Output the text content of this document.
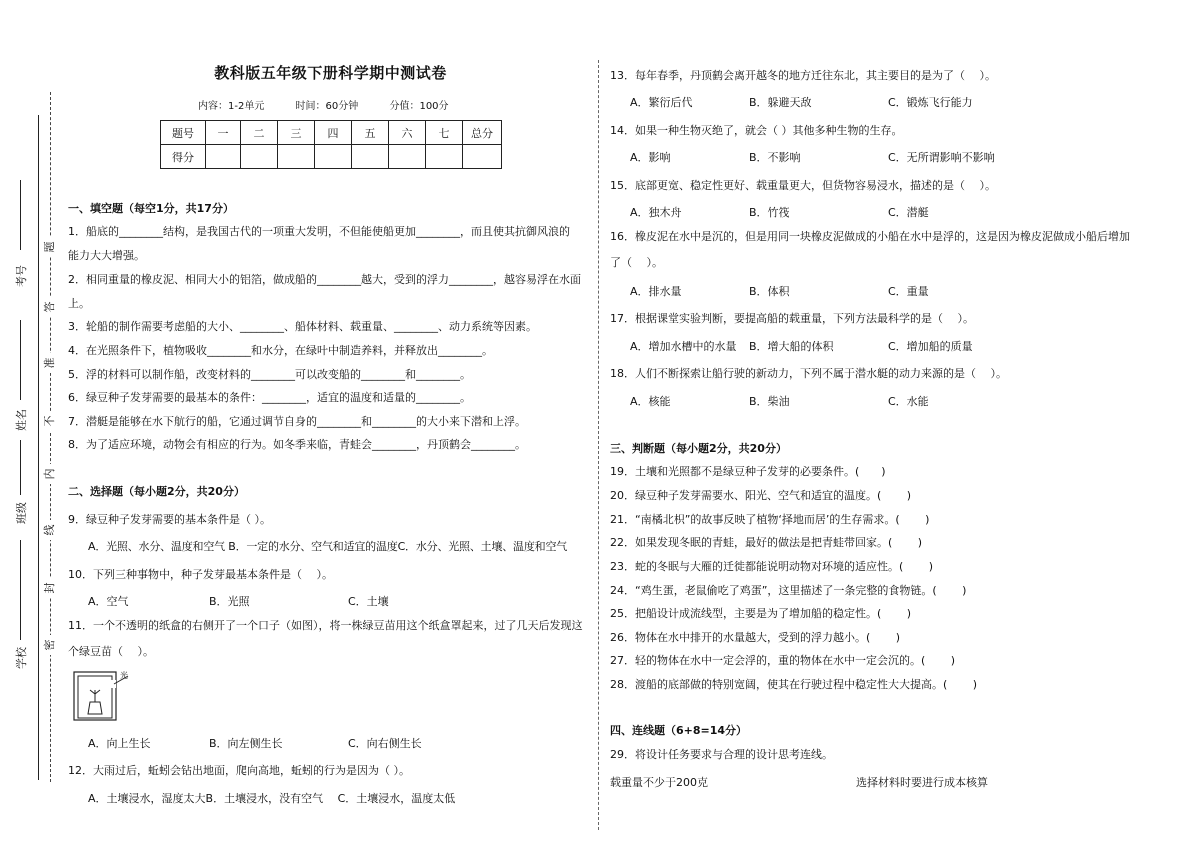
考号
姓名
班级
学校
题
答
准
不
内
线
封
密
教科版五年级下册科学期中测试卷
内容：1-2单元	时间：60分钟	分值：100分
题号	一	二	三	四	五	六	七	总分
得分								
一、填空题（每空1分，共17分）
1．船底的________结构，是我国古代的一项重大发明，不但能使船更加________，而且使其抗御风浪的
能力大大增强。
2．相同重量的橡皮泥、相同大小的铝箔，做成船的________越大，受到的浮力________，越容易浮在水面
上。
3．轮船的制作需要考虑船的大小、________、船体材料、载重量、________、动力系统等因素。
4．在光照条件下，植物吸收________和水分，在绿叶中制造养料，并释放出________。
5．浮的材料可以制作船，改变材料的________可以改变船的________和________。
6．绿豆种子发芽需要的最基本的条件：________，适宜的温度和适量的________。
7．潜艇是能够在水下航行的船，它通过调节自身的________和________的大小来下潜和上浮。
8．为了适应环境，动物会有相应的行为。如冬季来临，青蛙会________，丹顶鹤会________。
二、选择题（每小题2分，共20分）
9．绿豆种子发芽需要的基本条件是（ ）。
A．光照、水分、温度和空气 B．一定的水分、空气和适宜的温度C．水分、光照、土壤、温度和空气
10．下列三种事物中，种子发芽最基本条件是（　 ）。
A．空气	B．光照	C．土壤
11．一个不透明的纸盒的右侧开了一个口子（如图），将一株绿豆苗用这个纸盒罩起来，过了几天后发现这
个绿豆苗（　 ）。
光
A．向上生长	B．向左侧生长	C．向右侧生长
12．大雨过后，蚯蚓会钻出地面，爬向高地，蚯蚓的行为是因为（ ）。
A．土壤浸水，湿度太大B．土壤浸水，没有空气　 C．土壤浸水，温度太低
13．每年春季，丹顶鹤会离开越冬的地方迁往东北，其主要目的是为了（　 ）。
A．繁衍后代	B．躲避天敌	C．锻炼飞行能力
14．如果一种生物灭绝了，就会（ ）其他多种生物的生存。
A．影响	B．不影响	C．无所谓影响不影响
15．底部更宽、稳定性更好、载重量更大，但货物容易浸水，描述的是（　 ）。
A．独木舟	B．竹筏	C．潜艇
16．橡皮泥在水中是沉的，但是用同一块橡皮泥做成的小船在水中是浮的，这是因为橡皮泥做成小船后增加
了（　 ）。
A．排水量	B．体积	C．重量
17．根据课堂实验判断，要提高船的载重量，下列方法最科学的是（　 ）。
A．增加水槽中的水量 B．增大船的体积	C．增加船的质量
18．人们不断探索让船行驶的新动力，下列不属于潜水艇的动力来源的是（　 ）。
A．核能	B．柴油	C．水能
三、判断题（每小题2分，共20分）
19．土壤和光照都不是绿豆种子发芽的必要条件。(　　)
20．绿豆种子发芽需要水、阳光、空气和适宜的温度。(　　 )
21．“南橘北枳”的故事反映了植物‘择地而居’的生存需求。(　　 )
22．如果发现冬眠的青蛙，最好的做法是把青蛙带回家。(　　 )
23．蛇的冬眠与大雁的迁徙都能说明动物对环境的适应性。(　　 )
24．“鸡生蛋，老鼠偷吃了鸡蛋”，这里描述了一条完整的食物链。(　　 )
25．把船设计成流线型，主要是为了增加船的稳定性。(　　 )
26．物体在水中排开的水量越大，受到的浮力越小。(　　 )
27．轻的物体在水中一定会浮的，重的物体在水中一定会沉的。(　　 )
28．渡船的底部做的特别宽阔，使其在行驶过程中稳定性大大提高。(　　 )
四、连线题（6+8=14分）
29．将设计任务要求与合理的设计思考连线。
载重量不少于200克	选择材料时要进行成本核算
